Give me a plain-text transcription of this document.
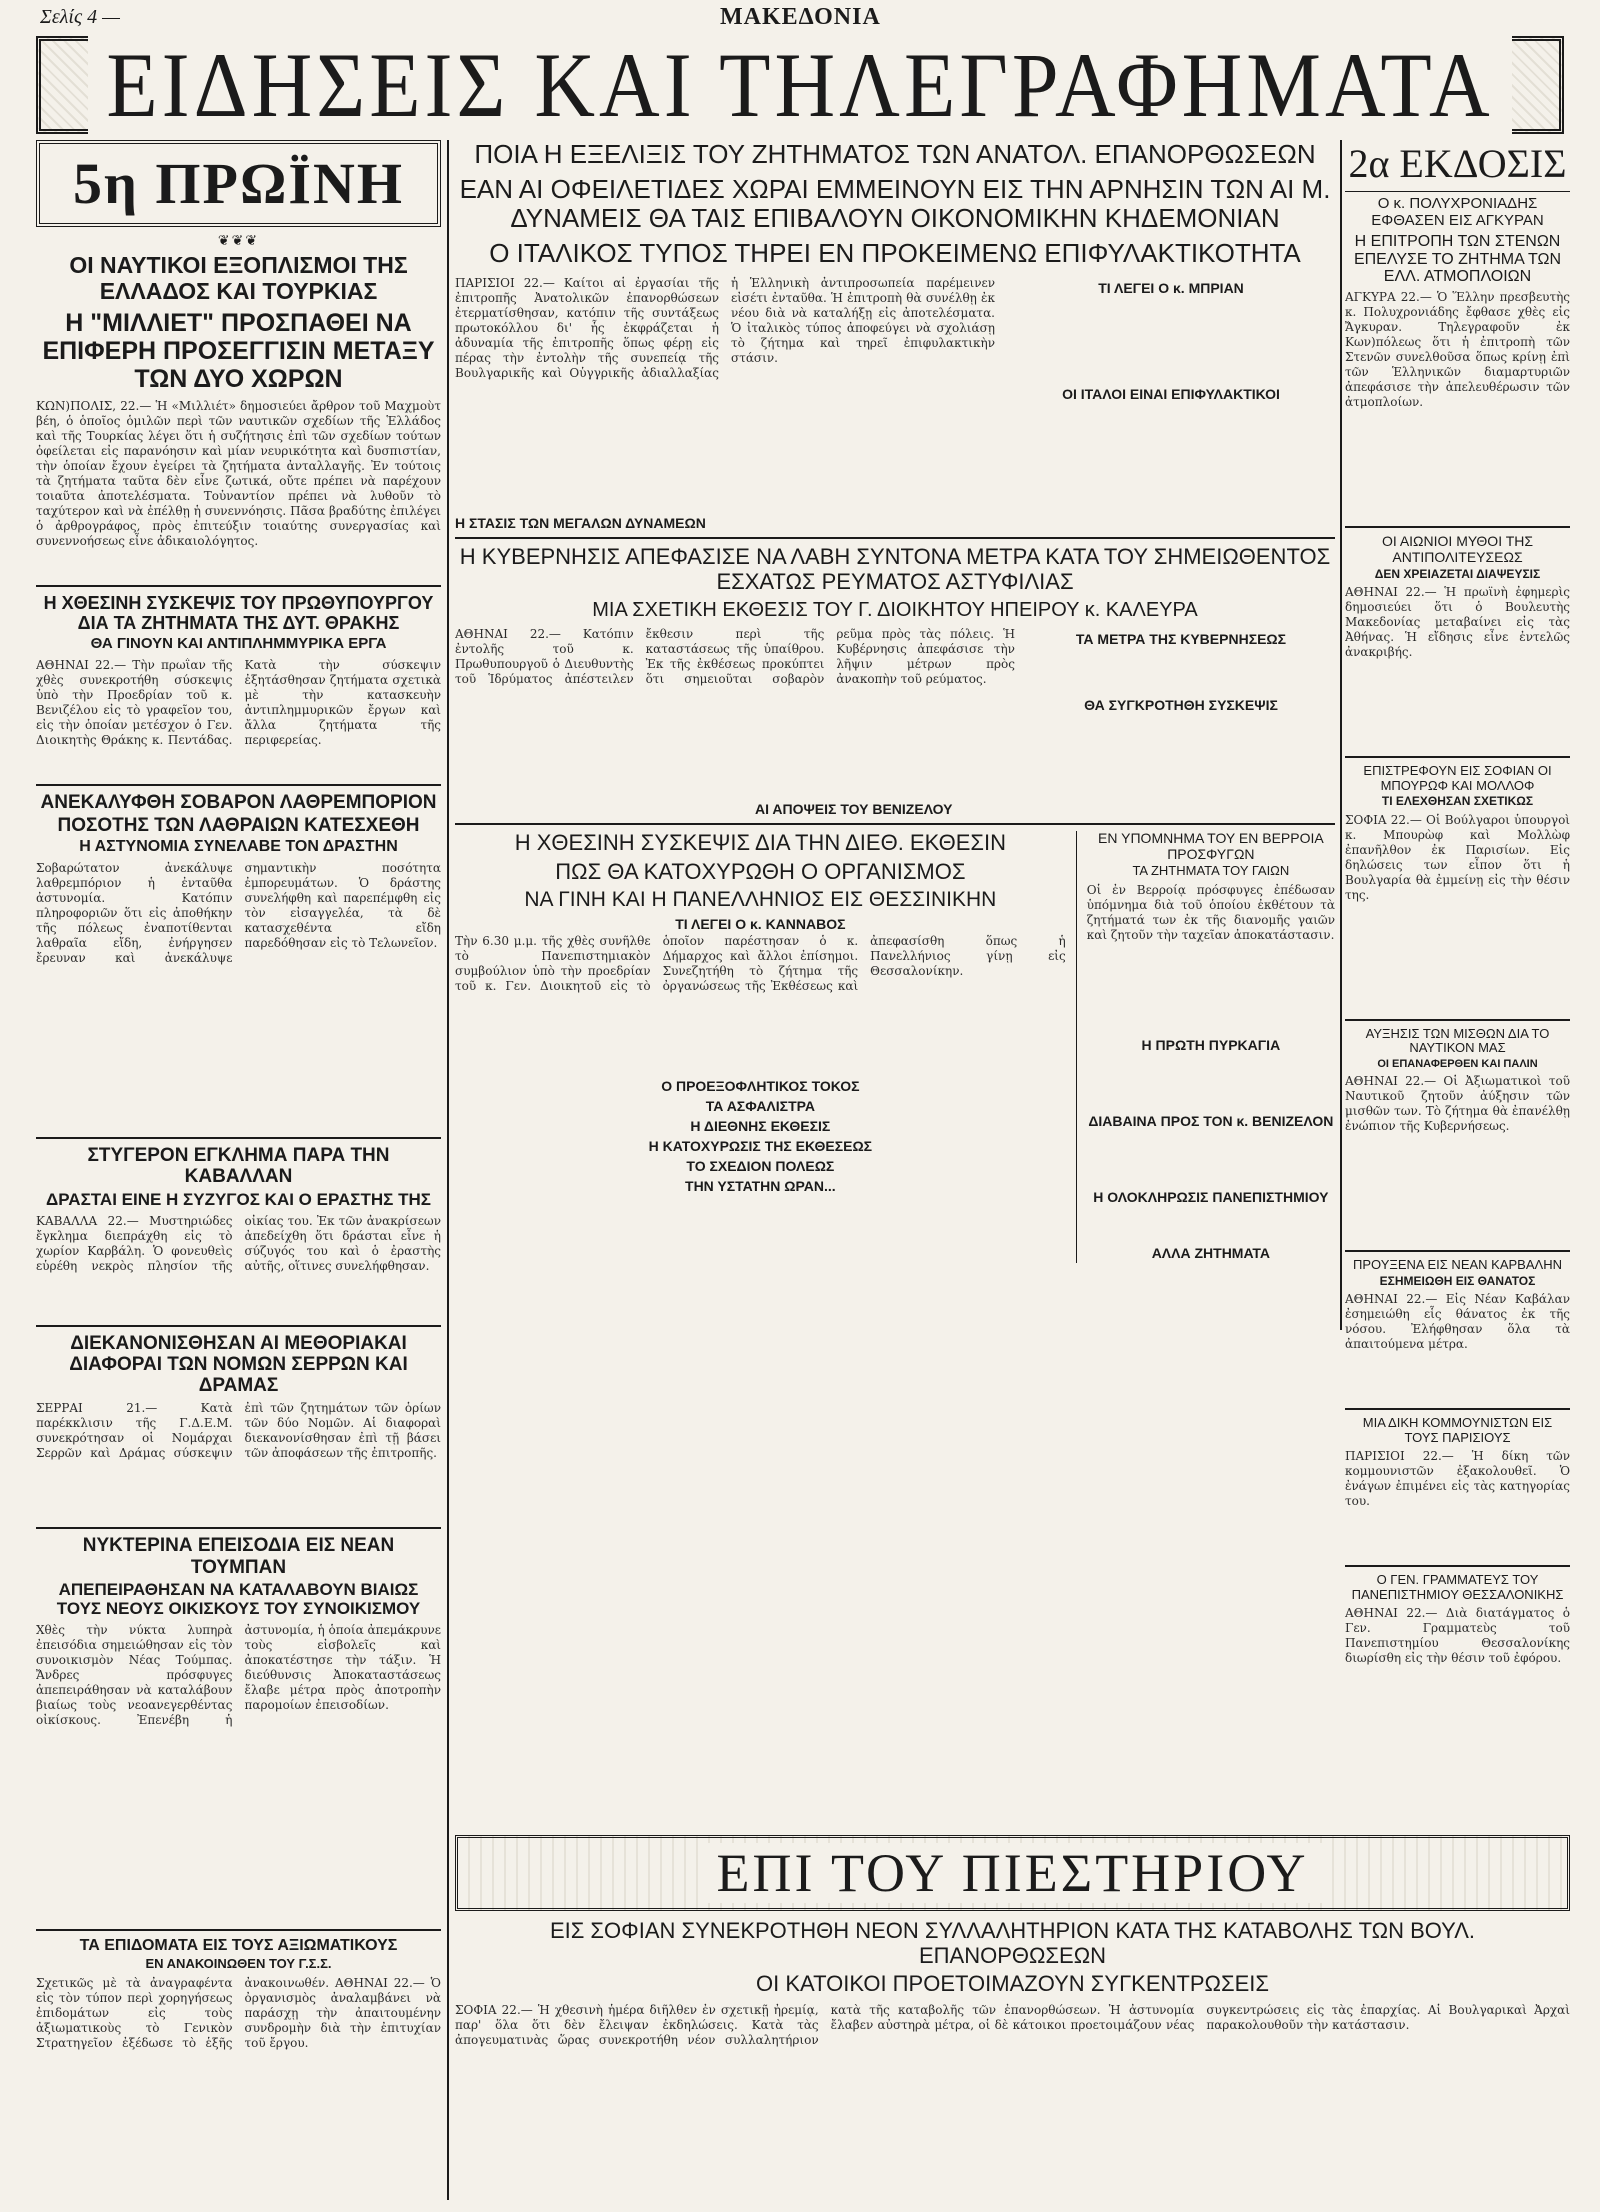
Σελίς 4 —	ΜΑΚΕΔΟΝΙΑ
ΕΙΔΗΣΕΙΣ ΚΑΙ ΤΗΛΕΓΡΑΦΗΜΑΤΑ
5η ΠΡΩΪΝΗ
❦❦❦

ΟΙ ΝΑΥΤΙΚΟΙ ΕΞΟΠΛΙΣΜΟΙ ΤΗΣ ΕΛΛΑΔΟΣ ΚΑΙ ΤΟΥΡΚΙΑΣ

Η "ΜΙΛΛΙΕΤ" ΠΡΟΣΠΑΘΕΙ ΝΑ ΕΠΙΦΕΡΗ ΠΡΟΣΕΓΓΙΣΙΝ ΜΕΤΑΞΥ ΤΩΝ ΔΥΟ ΧΩΡΩΝ

ΚΩΝ)ΠΟΛΙΣ, 22.— Ἡ «Μιλλιέτ» δημοσιεύει ἄρθρον τοῦ Μαχμοὺτ βέη, ὁ ὁποῖος ὁμιλῶν περὶ τῶν ναυτικῶν σχεδίων τῆς Ἑλλάδος καὶ τῆς Τουρκίας λέγει ὅτι ἡ συζήτησις ἐπὶ τῶν σχεδίων τούτων ὀφείλεται εἰς παρανόησιν καὶ μίαν νευρικότητα καὶ δυσπιστίαν, τὴν ὁποίαν ἔχουν ἐγείρει τὰ ζητήματα ἀνταλλαγῆς. Ἐν τούτοις τὰ ζητήματα ταῦτα δὲν εἶνε ζωτικά, οὔτε πρέπει νὰ παρέχουν τοιαῦτα ἀποτελέσματα. Τοὐναντίον πρέπει νὰ λυθοῦν τὸ ταχύτερον καὶ νὰ ἐπέλθῃ ἡ συνεννόησις. Πᾶσα βραδύτης ἐπιλέγει ὁ ἀρθρογράφος, πρὸς ἐπιτεύξιν τοιαύτης συνεργασίας καὶ συνεννοήσεως εἶνε ἀδικαιολόγητος.

Η ΧΘΕΣΙΝΗ ΣΥΣΚΕΨΙΣ ΤΟΥ ΠΡΩΘΥΠΟΥΡΓΟΥ ΔΙΑ ΤΑ ΖΗΤΗΜΑΤΑ ΤΗΣ ΔΥΤ. ΘΡΑΚΗΣ

ΘΑ ΓΙΝΟΥΝ ΚΑΙ ΑΝΤΙΠΛΗΜΜΥΡΙΚΑ ΕΡΓΑ

ΑΘΗΝΑΙ 22.— Τὴν πρωΐαν τῆς χθὲς συνεκροτήθη σύσκεψις ὑπὸ τὴν Προεδρίαν τοῦ κ. Βενιζέλου εἰς τὸ γραφεῖον του, εἰς τὴν ὁποίαν μετέσχον ὁ Γεν. Διοικητὴς Θράκης κ. Πεντάδας. Κατὰ τὴν σύσκεψιν ἐξητάσθησαν ζητήματα σχετικὰ μὲ τὴν κατασκευὴν ἀντιπλημμυρικῶν ἔργων καὶ ἄλλα ζητήματα τῆς περιφερείας.

ΑΝΕΚΑΛΥΦΘΗ ΣΟΒΑΡΟΝ ΛΑΘΡΕΜΠΟΡΙΟΝ

ΠΟΣΟΤΗΣ ΤΩΝ ΛΑΘΡΑΙΩΝ ΚΑΤΕΣΧΕΘΗ

Η ΑΣΤΥΝΟΜΙΑ ΣΥΝΕΛΑΒΕ ΤΟΝ ΔΡΑΣΤΗΝ

Σοβαρώτατον ἀνεκάλυψε λαθρεμπόριον ἡ ἐνταῦθα ἀστυνομία. Κατόπιν πληροφοριῶν ὅτι εἰς ἀποθήκην τῆς πόλεως ἐναποτίθενται λαθραῖα εἴδη, ἐνήργησεν ἔρευναν καὶ ἀνεκάλυψε σημαντικὴν ποσότητα ἐμπορευμάτων. Ὁ δράστης συνελήφθη καὶ παρεπέμφθη εἰς τὸν εἰσαγγελέα, τὰ δὲ κατασχεθέντα εἴδη παρεδόθησαν εἰς τὸ Τελωνεῖον.

ΣΤΥΓΕΡΟΝ ΕΓΚΛΗΜΑ ΠΑΡΑ ΤΗΝ ΚΑΒΑΛΛΑΝ

ΔΡΑΣΤΑΙ ΕΙΝΕ Η ΣΥΖΥΓΟΣ ΚΑΙ Ο ΕΡΑΣΤΗΣ ΤΗΣ

ΚΑΒΑΛΛΑ 22.— Μυστηριώδες ἔγκλημα διεπράχθη εἰς τὸ χωρίον Καρβάλη. Ὁ φονευθεὶς εὑρέθη νεκρὸς πλησίον τῆς οἰκίας του. Ἐκ τῶν ἀνακρίσεων ἀπεδείχθη ὅτι δράσται εἶνε ἡ σύζυγός του καὶ ὁ ἐραστὴς αὐτῆς, οἵτινες συνελήφθησαν.

ΔΙΕΚΑΝΟΝΙΣΘΗΣΑΝ ΑΙ ΜΕΘΟΡΙΑΚΑΙ ΔΙΑΦΟΡΑΙ ΤΩΝ ΝΟΜΩΝ ΣΕΡΡΩΝ ΚΑΙ ΔΡΑΜΑΣ

ΣΕΡΡΑΙ 21.— Κατὰ παρέκκλισιν τῆς Γ.Δ.Ε.Μ. συνεκρότησαν οἱ Νομάρχαι Σερρῶν καὶ Δράμας σύσκεψιν ἐπὶ τῶν ζητημάτων τῶν ὁρίων τῶν δύο Νομῶν. Αἱ διαφοραὶ διεκανονίσθησαν ἐπὶ τῇ βάσει τῶν ἀποφάσεων τῆς ἐπιτροπῆς.

ΝΥΚΤΕΡΙΝΑ ΕΠΕΙΣΟΔΙΑ ΕΙΣ ΝΕΑΝ ΤΟΥΜΠΑΝ

ΑΠΕΠΕΙΡΑΘΗΣΑΝ ΝΑ ΚΑΤΑΛΑΒΟΥΝ ΒΙΑΙΩΣ ΤΟΥΣ ΝΕΟΥΣ ΟΙΚΙΣΚΟΥΣ ΤΟΥ ΣΥΝΟΙΚΙΣΜΟΥ

Χθὲς τὴν νύκτα λυπηρὰ ἐπεισόδια σημειώθησαν εἰς τὸν συνοικισμὸν Νέας Τούμπας. Ἄνδρες πρόσφυγες ἀπεπειράθησαν νὰ καταλάβουν βιαίως τοὺς νεοανεγερθέντας οἰκίσκους. Ἐπενέβη ἡ ἀστυνομία, ἡ ὁποία ἀπεμάκρυνε τοὺς εἰσβολεῖς καὶ ἀποκατέστησε τὴν τάξιν. Ἡ διεύθυνσις Ἀποκαταστάσεως ἔλαβε μέτρα πρὸς ἀποτροπὴν παρομοίων ἐπεισοδίων.

ΤΑ ΕΠΙΔΟΜΑΤΑ ΕΙΣ ΤΟΥΣ ΑΞΙΩΜΑΤΙΚΟΥΣ

ΕΝ ΑΝΑΚΟΙΝΩΘΕΝ ΤΟΥ Γ.Σ.Σ.

Σχετικῶς μὲ τὰ ἀναγραφέντα εἰς τὸν τύπον περὶ χορηγήσεως ἐπιδομάτων εἰς τοὺς ἀξιωματικοὺς τὸ Γενικὸν Στρατηγεῖον ἐξέδωσε τὸ ἑξῆς ἀνακοινωθέν. ΑΘΗΝΑΙ 22.— Ὁ ὀργανισμὸς ἀναλαμβάνει νὰ παράσχῃ τὴν ἀπαιτουμένην συνδρομὴν διὰ τὴν ἐπιτυχίαν τοῦ ἔργου.

ΠΟΙΑ Η ΕΞΕΛΙΞΙΣ ΤΟΥ ΖΗΤΗΜΑΤΟΣ ΤΩΝ ΑΝΑΤΟΛ. ΕΠΑΝΟΡΘΩΣΕΩΝ

ΕΑΝ ΑΙ ΟΦΕΙΛΕΤΙΔΕΣ ΧΩΡΑΙ ΕΜΜΕΙΝΟΥΝ ΕΙΣ ΤΗΝ ΑΡΝΗΣΙΝ ΤΩΝ ΑΙ Μ. ΔΥΝΑΜΕΙΣ ΘΑ ΤΑΙΣ ΕΠΙΒΑΛΟΥΝ ΟΙΚΟΝΟΜΙΚΗΝ ΚΗΔΕΜΟΝΙΑΝ

Ο ΙΤΑΛΙΚΟΣ ΤΥΠΟΣ ΤΗΡΕΙ ΕΝ ΠΡΟΚΕΙΜΕΝΩ ΕΠΙΦΥΛΑΚΤΙΚΟΤΗΤΑ

ΠΑΡΙΣΙΟΙ 22.— Καίτοι αἱ ἐργασίαι τῆς ἐπιτροπῆς Ἀνατολικῶν ἐπανορθώσεων ἐτερματίσθησαν, κατόπιν τῆς συντάξεως πρωτοκόλλου δι' ἧς ἐκφράζεται ἡ ἀδυναμία τῆς ἐπιτροπῆς ὅπως φέρῃ εἰς πέρας τὴν ἐντολὴν τῆς συνεπείᾳ τῆς Βουλγαρικῆς καὶ Οὑγγρικῆς ἀδιαλλαξίας ἡ Ἑλληνικὴ ἀντιπροσωπεία παρέμεινεν εἰσέτι ἐνταῦθα. Ἡ ἐπιτροπὴ θὰ συνέλθῃ ἐκ νέου διὰ νὰ καταλήξῃ εἰς ἀποτελέσματα. Ὁ ἰταλικὸς τύπος ἀποφεύγει νὰ σχολιάσῃ τὸ ζήτημα καὶ τηρεῖ ἐπιφυλακτικὴν στάσιν.

ΤΙ ΛΕΓΕΙ Ο κ. ΜΠΡΙΑΝ

ΟΙ ΙΤΑΛΟΙ ΕΙΝΑΙ ΕΠΙΦΥΛΑΚΤΙΚΟΙ

Η ΣΤΑΣΙΣ ΤΩΝ ΜΕΓΑΛΩΝ ΔΥΝΑΜΕΩΝ

Η ΚΥΒΕΡΝΗΣΙΣ ΑΠΕΦΑΣΙΣΕ ΝΑ ΛΑΒΗ ΣΥΝΤΟΝΑ ΜΕΤΡΑ ΚΑΤΑ ΤΟΥ ΣΗΜΕΙΩΘΕΝΤΟΣ ΕΣΧΑΤΩΣ ΡΕΥΜΑΤΟΣ ΑΣΤΥΦΙΛΙΑΣ

ΜΙΑ ΣΧΕΤΙΚΗ ΕΚΘΕΣΙΣ ΤΟΥ Γ. ΔΙΟΙΚΗΤΟΥ ΗΠΕΙΡΟΥ κ. ΚΑΛΕΥΡΑ

ΑΘΗΝΑΙ 22.— Κατόπιν ἐντολῆς τοῦ κ. Πρωθυπουργοῦ ὁ Διευθυντὴς τοῦ Ἱδρύματος ἀπέστειλεν ἔκθεσιν περὶ τῆς καταστάσεως τῆς ὑπαίθρου. Ἐκ τῆς ἐκθέσεως προκύπτει ὅτι σημειοῦται σοβαρὸν ρεῦμα πρὸς τὰς πόλεις. Ἡ Κυβέρνησις ἀπεφάσισε τὴν λῆψιν μέτρων πρὸς ἀνακοπὴν τοῦ ρεύματος.

ΤΑ ΜΕΤΡΑ ΤΗΣ ΚΥΒΕΡΝΗΣΕΩΣ

ΘΑ ΣΥΓΚΡΟΤΗΘΗ ΣΥΣΚΕΨΙΣ

ΑΙ ΑΠΟΨΕΙΣ ΤΟΥ ΒΕΝΙΖΕΛΟΥ

Η ΧΘΕΣΙΝΗ ΣΥΣΚΕΨΙΣ ΔΙΑ ΤΗΝ ΔΙΕΘ. ΕΚΘΕΣΙΝ

ΠΩΣ ΘΑ ΚΑΤΟΧΥΡΩΘΗ Ο ΟΡΓΑΝΙΣΜΟΣ

ΝΑ ΓΙΝΗ ΚΑΙ Η ΠΑΝΕΛΛΗΝΙΟΣ ΕΙΣ ΘΕΣΣΙΝΙΚΗΝ

ΤΙ ΛΕΓΕΙ Ο κ. ΚΑΝΝΑΒΟΣ

Τὴν 6.30 μ.μ. τῆς χθὲς συνῆλθε τὸ Πανεπιστημιακὸν συμβούλιον ὑπὸ τὴν προεδρίαν τοῦ κ. Γεν. Διοικητοῦ εἰς τὸ ὁποῖον παρέστησαν ὁ κ. Δήμαρχος καὶ ἄλλοι ἐπίσημοι. Συνεζητήθη τὸ ζήτημα τῆς ὀργανώσεως τῆς Ἐκθέσεως καὶ ἀπεφασίσθη ὅπως ἡ Πανελλήνιος γίνῃ εἰς Θεσσαλονίκην.

Ο ΠΡΟΕΞΟΦΛΗΤΙΚΟΣ ΤΟΚΟΣ

ΤΑ ΑΣΦΑΛΙΣΤΡΑ

Η ΔΙΕΘΝΗΣ ΕΚΘΕΣΙΣ

Η ΚΑΤΟΧΥΡΩΣΙΣ ΤΗΣ ΕΚΘΕΣΕΩΣ

ΤΟ ΣΧΕΔΙΟΝ ΠΟΛΕΩΣ

ΤΗΝ ΥΣΤΑΤΗΝ ΩΡΑΝ...

ΕΝ ΥΠΟΜΝΗΜΑ ΤΟΥ ΕΝ ΒΕΡΡΟΙΑ ΠΡΟΣΦΥΓΩΝ

ΤΑ ΖΗΤΗΜΑΤΑ ΤΟΥ ΓΑΙΩΝ

Οἱ ἐν Βερροίᾳ πρόσφυγες ἐπέδωσαν ὑπόμνημα διὰ τοῦ ὁποίου ἐκθέτουν τὰ ζητήματά των ἐκ τῆς διανομῆς γαιῶν καὶ ζητοῦν τὴν ταχεῖαν ἀποκατάστασιν.

Η ΠΡΩΤΗ ΠΥΡΚΑΓΙΑ

ΔΙΑΒΑΙΝΑ ΠΡΟΣ ΤΟΝ κ. ΒΕΝΙΖΕΛΟΝ

Η ΟΛΟΚΛΗΡΩΣΙΣ ΠΑΝΕΠΙΣΤΗΜΙΟΥ

ΑΛΛΑ ΖΗΤΗΜΑΤΑ

2α ΕΚΔΟΣΙΣ

Ο κ. ΠΟΛΥΧΡΟΝΙΑΔΗΣ ΕΦΘΑΣΕΝ ΕΙΣ ΑΓΚΥΡΑΝ

Η ΕΠΙΤΡΟΠΗ ΤΩΝ ΣΤΕΝΩΝ ΕΠΕΛΥΣΕ ΤΟ ΖΗΤΗΜΑ ΤΩΝ ΕΛΛ. ΑΤΜΟΠΛΟΙΩΝ

ΑΓΚΥΡΑ 22.— Ὁ Ἕλλην πρεσβευτὴς κ. Πολυχρονιάδης ἔφθασε χθὲς εἰς Ἄγκυραν. Τηλεγραφοῦν ἐκ Κων)πόλεως ὅτι ἡ ἐπιτροπὴ τῶν Στενῶν συνελθοῦσα ὅπως κρίνῃ ἐπὶ τῶν Ἑλληνικῶν διαμαρτυριῶν ἀπεφάσισε τὴν ἀπελευθέρωσιν τῶν ἀτμοπλοίων.

ΟΙ ΑΙΩΝΙΟΙ ΜΥΘΟΙ ΤΗΣ ΑΝΤΙΠΟΛΙΤΕΥΣΕΩΣ

ΔΕΝ ΧΡΕΙΑΖΕΤΑΙ ΔΙΑΨΕΥΣΙΣ

ΑΘΗΝΑΙ 22.— Ἡ πρωϊνὴ ἐφημερὶς δημοσιεύει ὅτι ὁ Βουλευτὴς Μακεδονίας μεταβαίνει εἰς τὰς Ἀθήνας. Ἡ εἴδησις εἶνε ἐντελῶς ἀνακριβής.

ΕΠΙΣΤΡΕΦΟΥΝ ΕΙΣ ΣΟΦΙΑΝ ΟΙ ΜΠΟΥΡΩΦ ΚΑΙ ΜΟΛΛΟΦ

ΤΙ ΕΛΕΧΘΗΣΑΝ ΣΧΕΤΙΚΩΣ

ΣΟΦΙΑ 22.— Οἱ Βούλγαροι ὑπουργοὶ κ. Μπουρὼφ καὶ Μολλὼφ ἐπανῆλθον ἐκ Παρισίων. Εἰς δηλώσεις των εἶπον ὅτι ἡ Βουλγαρία θὰ ἐμμείνῃ εἰς τὴν θέσιν της.

ΑΥΞΗΣΙΣ ΤΩΝ ΜΙΣΘΩΝ ΔΙΑ ΤΟ ΝΑΥΤΙΚΟΝ ΜΑΣ

ΟΙ ΕΠΑΝΑΦΕΡΘΕΝ ΚΑΙ ΠΑΛΙΝ

ΑΘΗΝΑΙ 22.— Οἱ Ἀξιωματικοὶ τοῦ Ναυτικοῦ ζητοῦν ἀύξησιν τῶν μισθῶν των. Τὸ ζήτημα θὰ ἐπανέλθῃ ἐνώπιον τῆς Κυβερνήσεως.

ΠΡΟΥΞΕΝΑ ΕΙΣ ΝΕΑΝ ΚΑΡΒΑΛΗΝ

ΕΣΗΜΕΙΩΘΗ ΕΙΣ ΘΑΝΑΤΟΣ

ΑΘΗΝΑΙ 22.— Εἰς Νέαν Καβάλαν ἐσημειώθη εἷς θάνατος ἐκ τῆς νόσου. Ἐλήφθησαν ὅλα τὰ ἀπαιτούμενα μέτρα.

ΜΙΑ ΔΙΚΗ ΚΟΜΜΟΥΝΙΣΤΩΝ ΕΙΣ ΤΟΥΣ ΠΑΡΙΣΙΟΥΣ

ΠΑΡΙΣΙΟΙ 22.— Ἡ δίκη τῶν κομμουνιστῶν ἐξακολουθεῖ. Ὁ ἐνάγων ἐπιμένει εἰς τὰς κατηγορίας του.

Ο ΓΕΝ. ΓΡΑΜΜΑΤΕΥΣ ΤΟΥ ΠΑΝΕΠΙΣΤΗΜΙΟΥ ΘΕΣΣΑΛΟΝΙΚΗΣ

ΑΘΗΝΑΙ 22.— Διὰ διατάγματος ὁ Γεν. Γραμματεὺς τοῦ Πανεπιστημίου Θεσσαλονίκης διωρίσθη εἰς τὴν θέσιν τοῦ ἐφόρου.

ΕΠΙ ΤΟΥ ΠΙΕΣΤΗΡΙΟΥ

ΕΙΣ ΣΟΦΙΑΝ ΣΥΝΕΚΡΟΤΗΘΗ ΝΕΟΝ ΣΥΛΛΑΛΗΤΗΡΙΟΝ ΚΑΤΑ ΤΗΣ ΚΑΤΑΒΟΛΗΣ ΤΩΝ ΒΟΥΛ. ΕΠΑΝΟΡΘΩΣΕΩΝ

ΟΙ ΚΑΤΟΙΚΟΙ ΠΡΟΕΤΟΙΜΑΖΟΥΝ ΣΥΓΚΕΝΤΡΩΣΕΙΣ

ΣΟΦΙΑ 22.— Ἡ χθεσινὴ ἡμέρα διῆλθεν ἐν σχετικῇ ἠρεμίᾳ, παρ' ὅλα ὅτι δὲν ἔλειψαν ἐκδηλώσεις. Κατὰ τὰς ἀπογευματινὰς ὥρας συνεκροτήθη νέον συλλαλητήριον κατὰ τῆς καταβολῆς τῶν ἐπανορθώσεων. Ἡ ἀστυνομία ἔλαβεν αὐστηρὰ μέτρα, οἱ δὲ κάτοικοι προετοιμάζουν νέας συγκεντρώσεις εἰς τὰς ἐπαρχίας. Αἱ Βουλγαρικαὶ Ἀρχαὶ παρακολουθοῦν τὴν κατάστασιν.
